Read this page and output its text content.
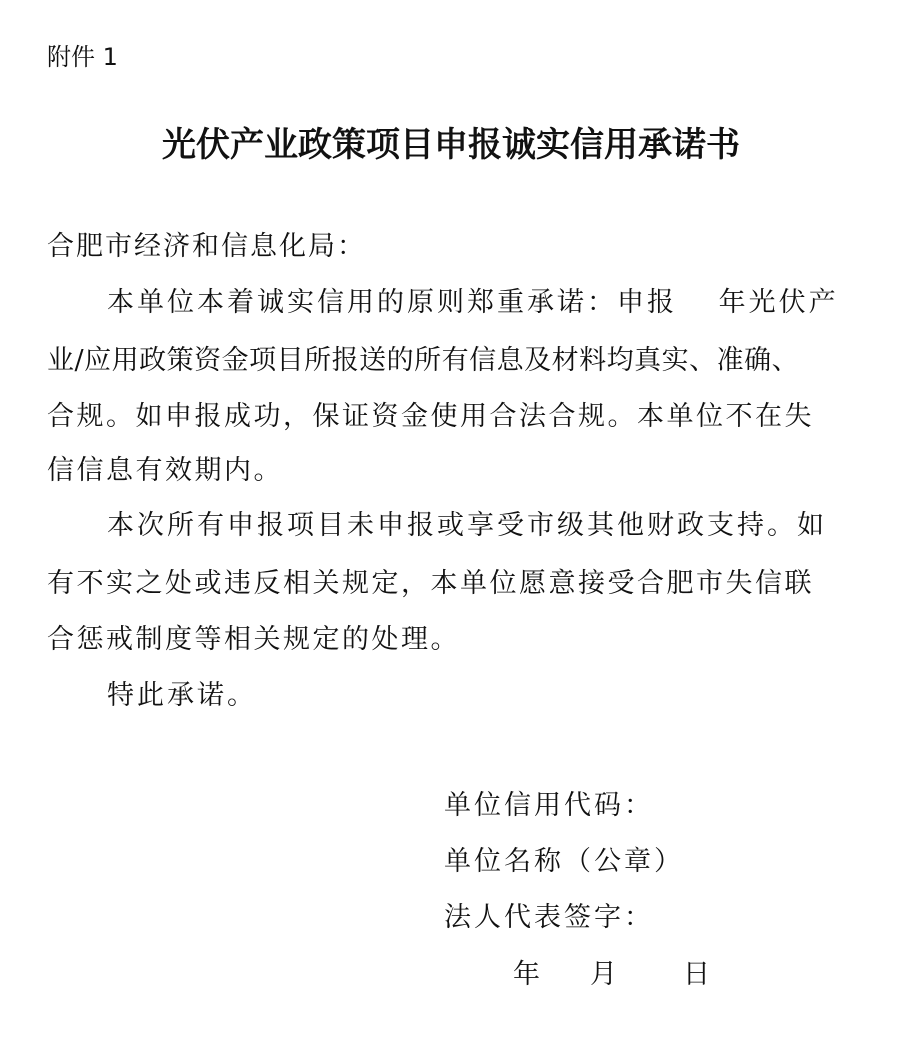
附件 1
光伏产业政策项目申报诚实信用承诺书
合肥市经济和信息化局：
本单位本着诚实信用的原则郑重承诺：申报　 年光伏产
业/应用政策资金项目所报送的所有信息及材料均真实、准确、
合规。如申报成功，保证资金使用合法合规。本单位不在失
信信息有效期内。
本次所有申报项目未申报或享受市级其他财政支持。如
有不实之处或违反相关规定，本单位愿意接受合肥市失信联
合惩戒制度等相关规定的处理。
特此承诺。
单位信用代码：
单位名称（公章）
法人代表签字：
年 月 日
